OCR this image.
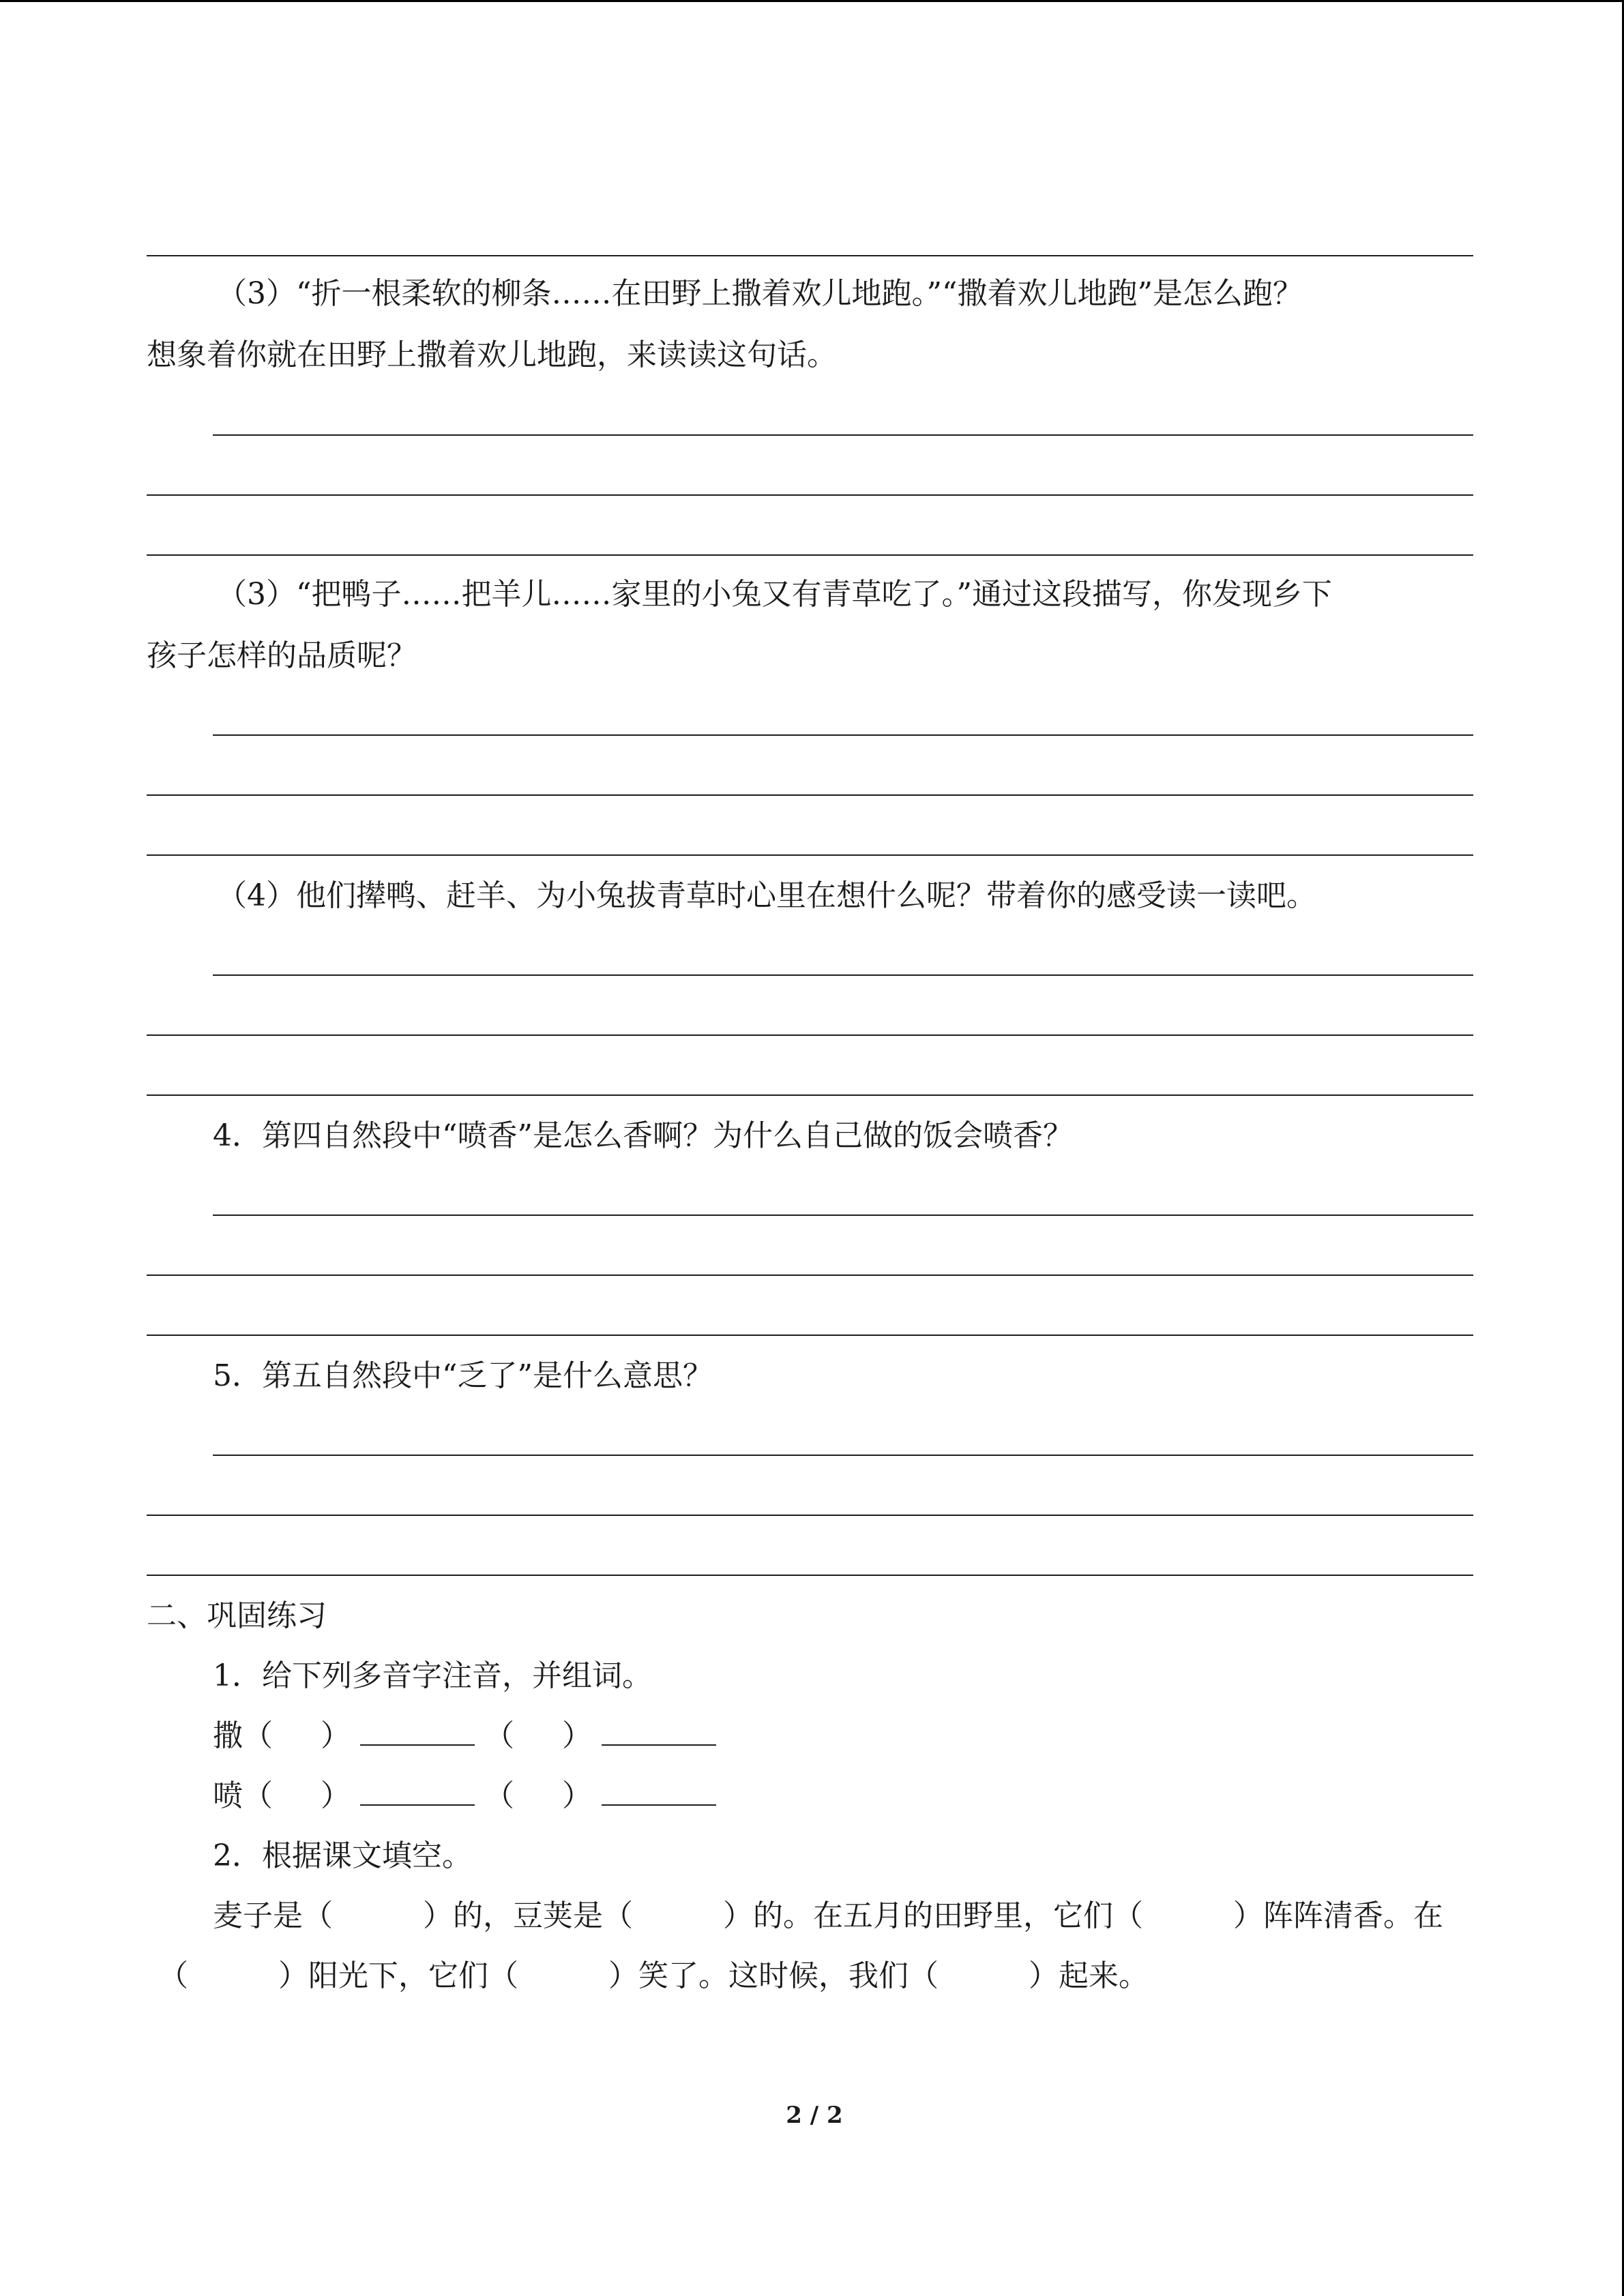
（3）“折一根柔软的柳条……在田野上撒着欢儿地跑。”“撒着欢儿地跑”是怎么跑？

想象着你就在田野上撒着欢儿地跑，来读读这句话。

（3）“把鸭子……把羊儿……家里的小兔又有青草吃了。”通过这段描写，你发现乡下

孩子怎样的品质呢？

（4）他们撵鸭、赶羊、为小兔拔青草时心里在想什么呢？带着你的感受读一读吧。

4．第四自然段中“喷香”是怎么香啊？为什么自己做的饭会喷香？

5．第五自然段中“乏了”是什么意思？

二、巩固练习

1．给下列多音字注音，并组词。

撒（ ）	（ ）
喷（ ）	（ ）

2．根据课文填空。

麦子是（　　　）的，豆荚是（　　　）的。在五月的田野里，它们（　　　）阵阵清香。在

（　　　）阳光下，它们（　　　）笑了。这时候，我们（　　　）起来。

2 / 2
